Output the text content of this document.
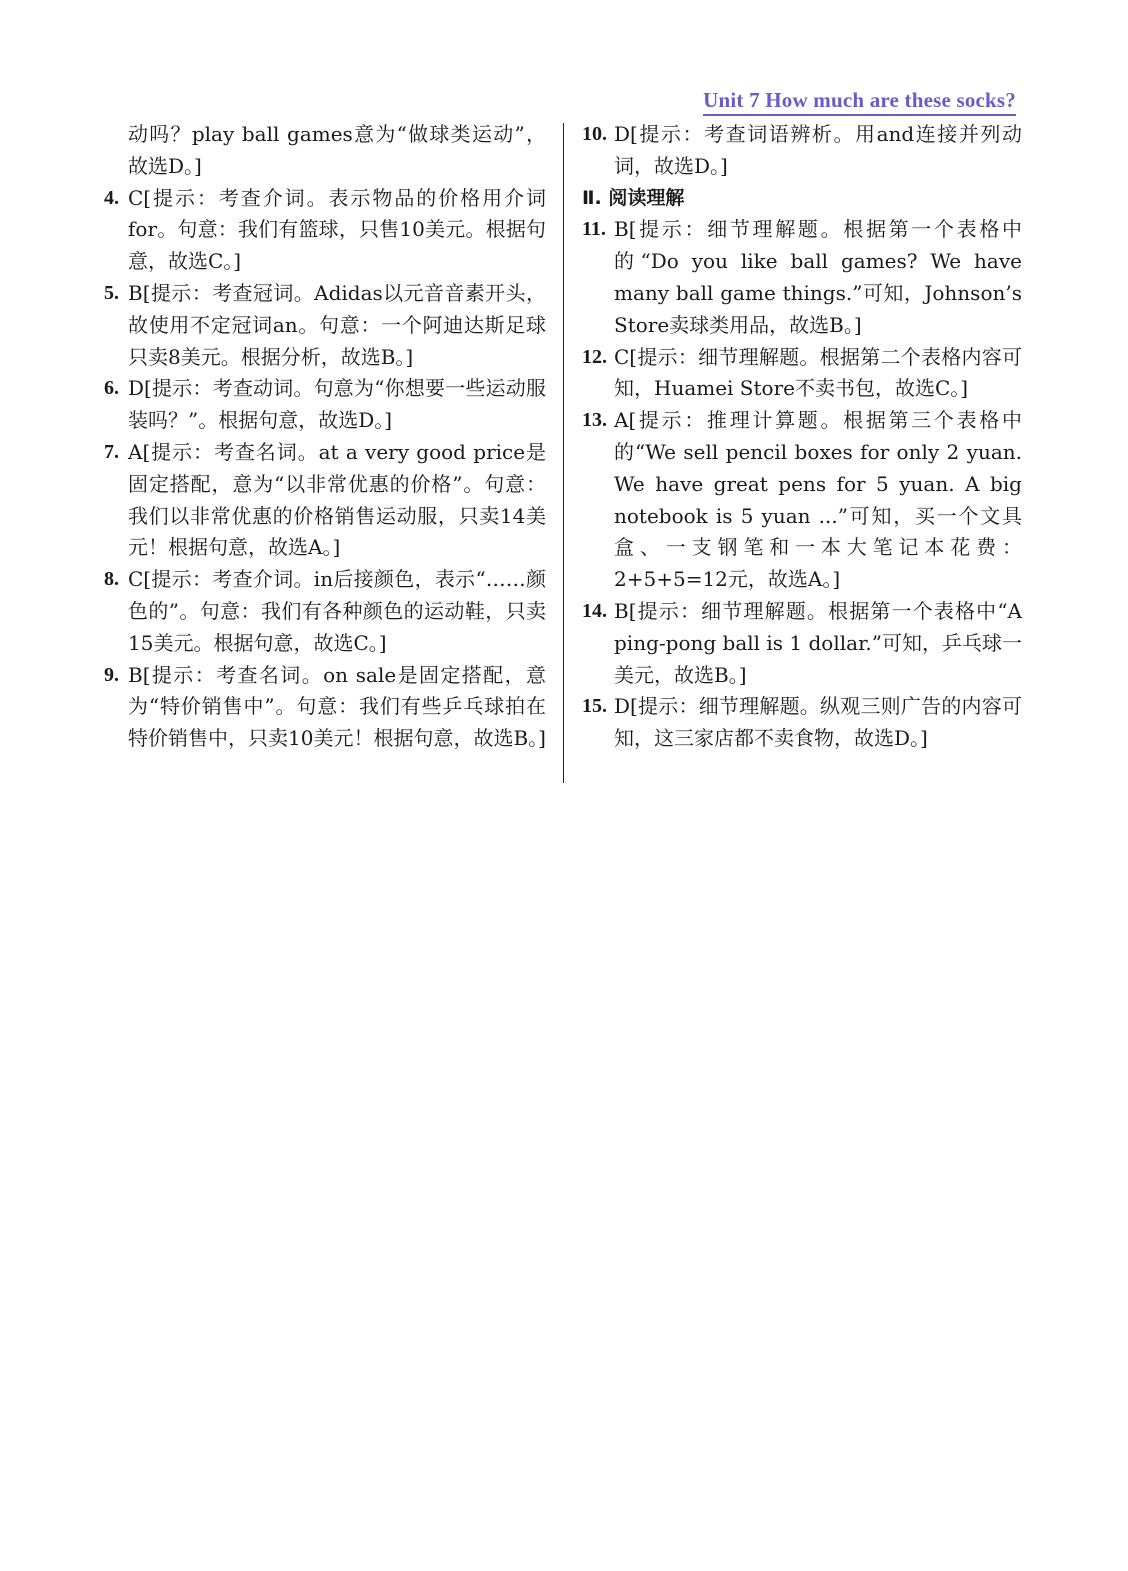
Unit 7 How much are these socks?
动吗？play ball games意为“做球类运动”，故选D。]
4. C[提示：考查介词。表示物品的价格用介词for。句意：我们有篮球，只售10美元。根据句意，故选C。]
5. B[提示：考查冠词。Adidas以元音音素开头，故使用不定冠词an。句意：一个阿迪达斯足球只卖8美元。根据分析，故选B。]
6. D[提示：考查动词。句意为“你想要一些运动服装吗？”。根据句意，故选D。]
7. A[提示：考查名词。at a very good price是固定搭配，意为“以非常优惠的价格”。句意：我们以非常优惠的价格销售运动服，只卖14美元！根据句意，故选A。]
8. C[提示：考查介词。in后接颜色，表示“……颜色的”。句意：我们有各种颜色的运动鞋，只卖15美元。根据句意，故选C。]
9. B[提示：考查名词。on sale是固定搭配，意为“特价销售中”。句意：我们有些乒乓球拍在特价销售中，只卖10美元！根据句意，故选B。]
10. D[提示：考查词语辨析。用and连接并列动词，故选D。]
Ⅱ. 阅读理解
11. B[提示：细节理解题。根据第一个表格中的“Do you like ball games? We have many ball game things.”可知，Johnson’s Store卖球类用品，故选B。]
12. C[提示：细节理解题。根据第二个表格内容可知，Huamei Store不卖书包，故选C。]
13. A[提示：推理计算题。根据第三个表格中的“We sell pencil boxes for only 2 yuan. We have great pens for 5 yuan. A big notebook is 5 yuan ...”可知，买一个文具盒、一支钢笔和一本大笔记本花费：2+5+5=12元，故选A。]
14. B[提示：细节理解题。根据第一个表格中“A ping-pong ball is 1 dollar.”可知，乒乓球一美元，故选B。]
15. D[提示：细节理解题。纵观三则广告的内容可知，这三家店都不卖食物，故选D。]
